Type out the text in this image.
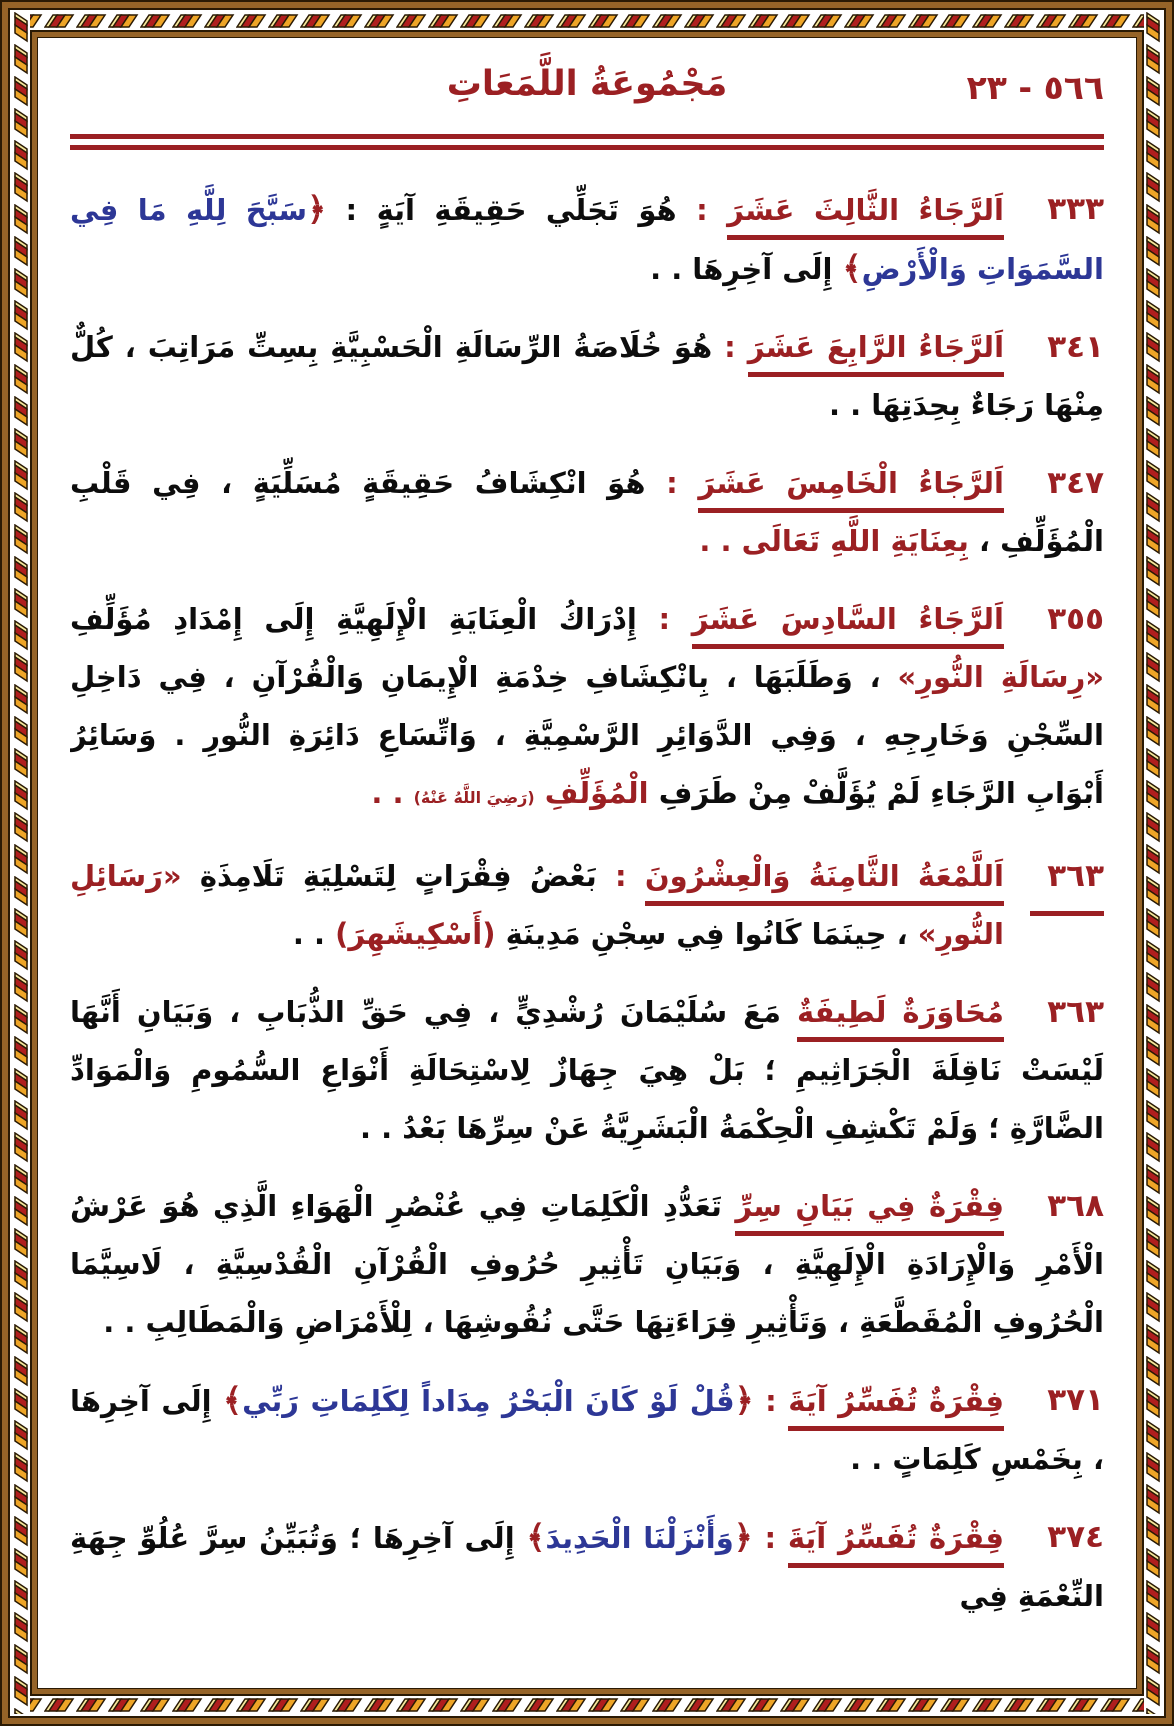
٥٦٦ - ٢٣
مَجْمُوعَةُ اللَّمَعَاتِ
٣٣٣
اَلرَّجَاءُ الثَّالِثَ عَشَرَ : هُوَ تَجَلِّي حَقِيقَةِ آيَةٍ : ﴿سَبَّحَ لِلَّهِ مَا فِي السَّمَوَاتِ وَالْأَرْضِ﴾ إِلَى آخِرِهَا . .
٣٤١
اَلرَّجَاءُ الرَّابِعَ عَشَرَ : هُوَ خُلَاصَةُ الرِّسَالَةِ الْحَسْبِيَّةِ بِسِتِّ مَرَاتِبَ ، كُلٌّ مِنْهَا رَجَاءٌ بِحِدَتِهَا . .
٣٤٧
اَلرَّجَاءُ الْخَامِسَ عَشَرَ : هُوَ انْكِشَافُ حَقِيقَةٍ مُسَلِّيَةٍ ، فِي قَلْبِ الْمُؤَلِّفِ ، بِعِنَايَةِ اللَّهِ تَعَالَى . .
٣٥٥
اَلرَّجَاءُ السَّادِسَ عَشَرَ : إِدْرَاكُ الْعِنَايَةِ الْإِلَهِيَّةِ إِلَى إِمْدَادِ مُؤَلِّفِ «رِسَالَةِ النُّورِ» ، وَطَلَبَهَا ، بِانْكِشَافِ خِدْمَةِ الْإِيمَانِ وَالْقُرْآنِ ، فِي دَاخِلِ السِّجْنِ وَخَارِجِهِ ، وَفِي الدَّوَائِرِ الرَّسْمِيَّةِ ، وَاتِّسَاعِ دَائِرَةِ النُّورِ . وَسَائِرُ أَبْوَابِ الرَّجَاءِ لَمْ يُؤَلَّفْ مِنْ طَرَفِ الْمُؤَلِّفِ (رَضِيَ اللَّهُ عَنْهُ) . .
٣٦٣
اَللَّمْعَةُ الثَّامِنَةُ وَالْعِشْرُونَ : بَعْضُ فِقْرَاتٍ لِتَسْلِيَةِ تَلَامِذَةِ «رَسَائِلِ النُّورِ» ، حِينَمَا كَانُوا فِي سِجْنِ مَدِينَةِ (أَسْكِيشَهِرَ) . .
٣٦٣
مُحَاوَرَةٌ لَطِيفَةٌ مَعَ سُلَيْمَانَ رُشْدِيٍّ ، فِي حَقِّ الذُّبَابِ ، وَبَيَانِ أَنَّهَا لَيْسَتْ نَاقِلَةَ الْجَرَاثِيمِ ؛ بَلْ هِيَ جِهَازٌ لِاسْتِحَالَةِ أَنْوَاعِ السُّمُومِ وَالْمَوَادِّ الضَّارَّةِ ؛ وَلَمْ تَكْشِفِ الْحِكْمَةُ الْبَشَرِيَّةُ عَنْ سِرِّهَا بَعْدُ . .
٣٦٨
فِقْرَةٌ فِي بَيَانِ سِرِّ تَعَدُّدِ الْكَلِمَاتِ فِي عُنْصُرِ الْهَوَاءِ الَّذِي هُوَ عَرْشُ الْأَمْرِ وَالْإِرَادَةِ الْإِلَهِيَّةِ ، وَبَيَانِ تَأْثِيرِ حُرُوفِ الْقُرْآنِ الْقُدْسِيَّةِ ، لَاسِيَّمَا الْحُرُوفِ الْمُقَطَّعَةِ ، وَتَأْثِيرِ قِرَاءَتِهَا حَتَّى نُقُوشِهَا ، لِلْأَمْرَاضِ وَالْمَطَالِبِ . .
٣٧١
فِقْرَةٌ تُفَسِّرُ آيَةَ : ﴿قُلْ لَوْ كَانَ الْبَحْرُ مِدَاداً لِكَلِمَاتِ رَبِّي﴾ إِلَى آخِرِهَا ، بِخَمْسِ كَلِمَاتٍ . .
٣٧٤
فِقْرَةٌ تُفَسِّرُ آيَةَ : ﴿وَأَنْزَلْنَا الْحَدِيدَ﴾ إِلَى آخِرِهَا ؛ وَتُبَيِّنُ سِرَّ عُلُوِّ جِهَةِ النِّعْمَةِ فِي
